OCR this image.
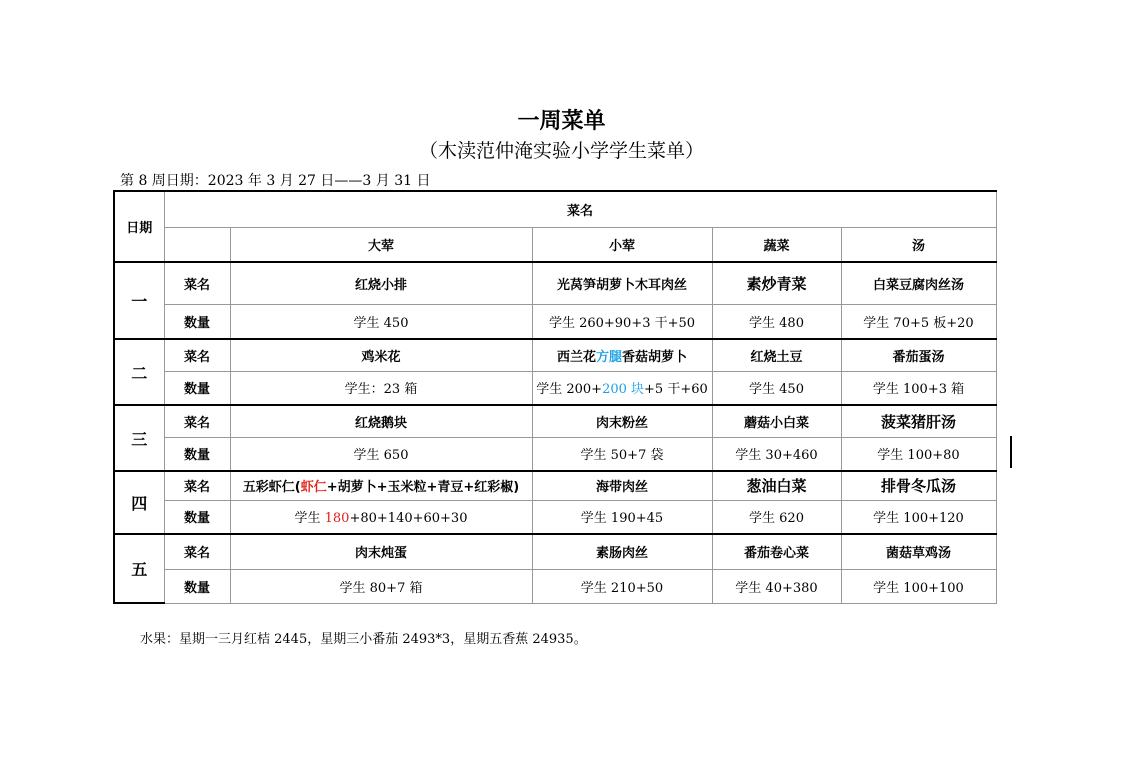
一周菜单
（木渎范仲淹实验小学学生菜单）
第 8 周日期：2023 年 3 月 27 日——3 月 31 日
日期	菜名				
		大荤	小荤	蔬菜	汤
一	菜名	红烧小排	光莴笋胡萝卜木耳肉丝	素炒青菜	白菜豆腐肉丝汤
	数量	学生 450	学生 260+90+3 干+50	学生 480	学生 70+5 板+20
二	菜名	鸡米花	西兰花方腿香菇胡萝卜	红烧土豆	番茄蛋汤
	数量	学生：23 箱	学生 200+200 块+5 干+60	学生 450	学生 100+3 箱
三	菜名	红烧鹅块	肉末粉丝	蘑菇小白菜	菠菜猪肝汤
	数量	学生 650	学生 50+7 袋	学生 30+460	学生 100+80
四	菜名	五彩虾仁(虾仁+胡萝卜+玉米粒+青豆+红彩椒)	海带肉丝	葱油白菜	排骨冬瓜汤
	数量	学生 180+80+140+60+30	学生 190+45	学生 620	学生 100+120
五	菜名	肉末炖蛋	素肠肉丝	番茄卷心菜	菌菇草鸡汤
	数量	学生 80+7 箱	学生 210+50	学生 40+380	学生 100+100
水果：星期一三月红桔 2445，星期三小番茄 2493*3，星期五香蕉 24935。
